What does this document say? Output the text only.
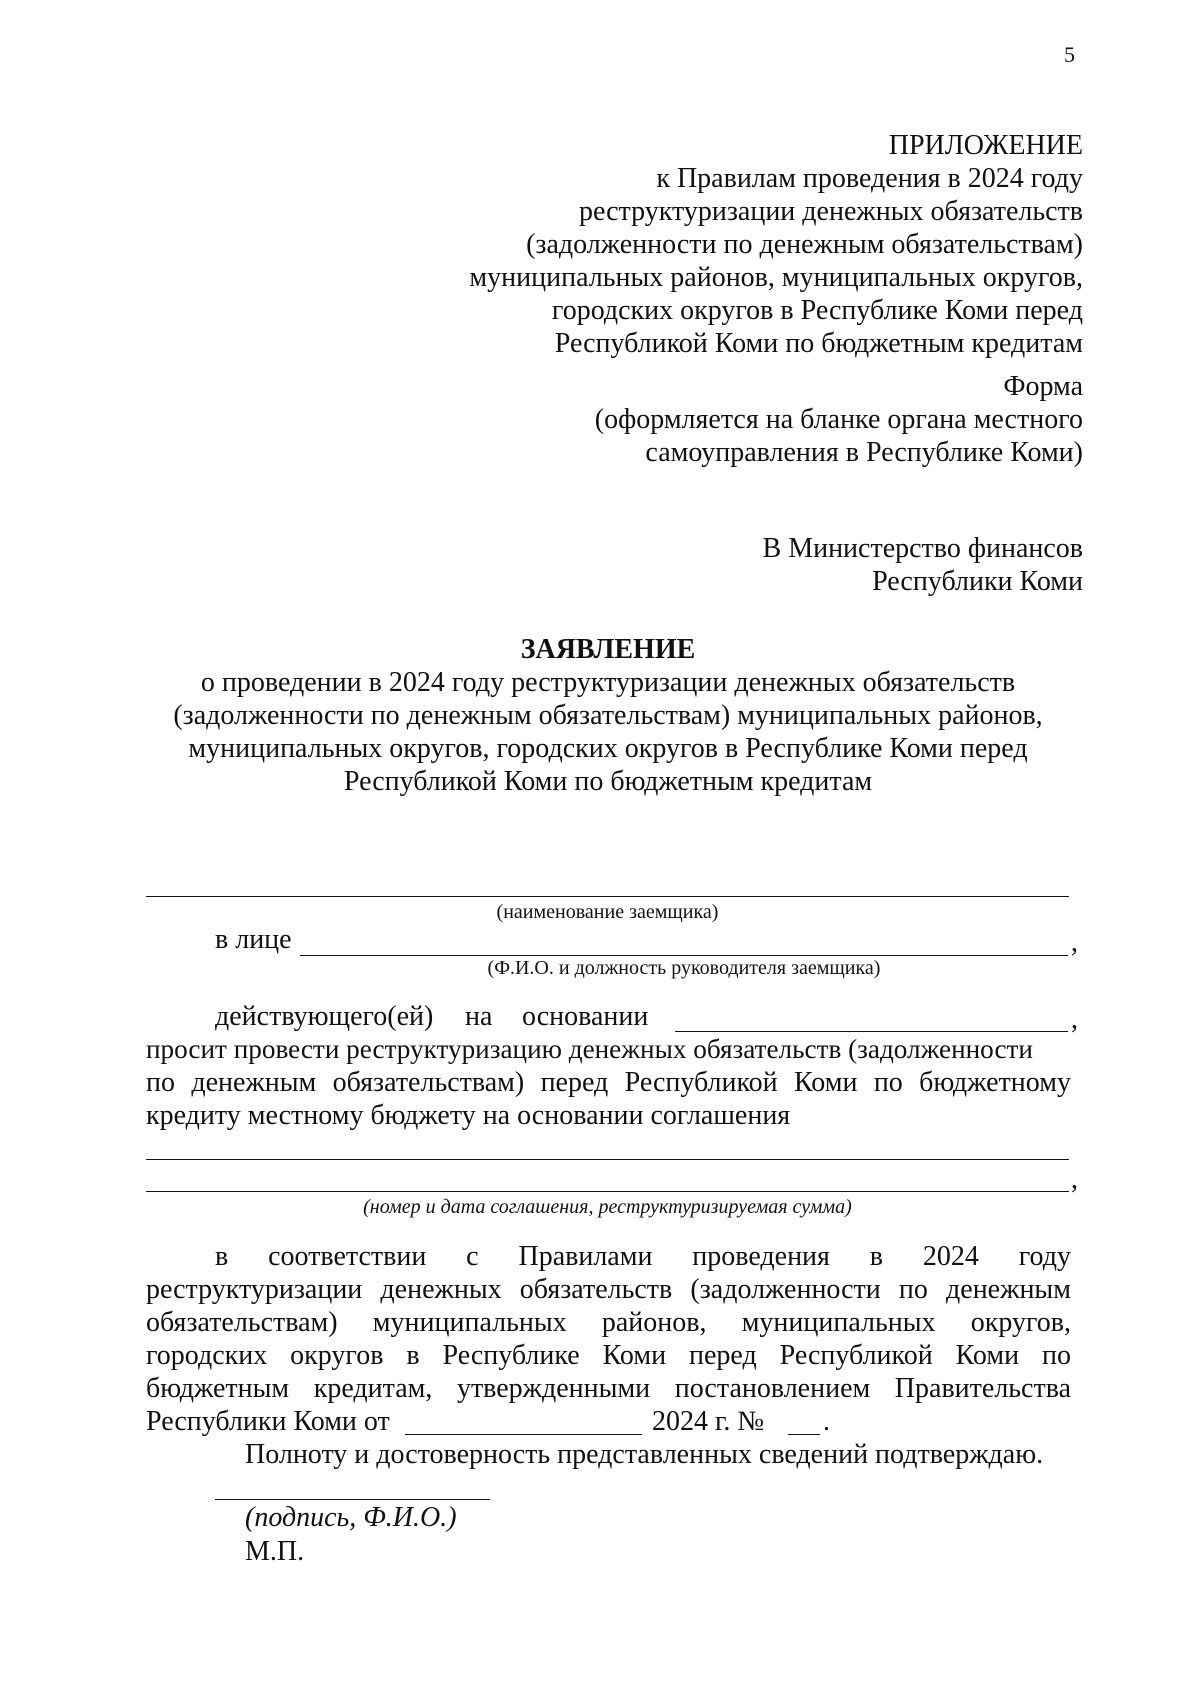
5
ПРИЛОЖЕНИЕ
к Правилам проведения в 2024 году
реструктуризации денежных обязательств
(задолженности по денежным обязательствам)
муниципальных районов, муниципальных округов,
городских округов в Республике Коми перед
Республикой Коми по бюджетным кредитам
Форма
(оформляется на бланке органа местного
самоуправления в Республике Коми)
В Министерство финансов
Республики Коми
ЗАЯВЛЕНИЕ
о проведении в 2024 году реструктуризации денежных обязательств
(задолженности по денежным обязательствам) муниципальных районов,
муниципальных округов, городских округов в Республике Коми перед
Республикой Коми по бюджетным кредитам
(наименование заемщика)
в лице	,
(Ф.И.О. и должность руководителя заемщика)
действующего(ей) на основании	,
просит провести реструктуризацию денежных обязательств (задолженности
по денежным обязательствам) перед Республикой Коми по бюджетному
кредиту местному бюджету на основании соглашения
,
(номер и дата соглашения, реструктуризируемая сумма)
в соответствии с Правилами проведения в 2024 году
реструктуризации денежных обязательств (задолженности по денежным
обязательствам) муниципальных районов, муниципальных округов,
городских округов в Республике Коми перед Республикой Коми по
бюджетным кредитам, утвержденными постановлением Правительства
Республики Коми от	2024 г. № .
Полноту и достоверность представленных сведений подтверждаю.
(подпись, Ф.И.О.)
М.П.
